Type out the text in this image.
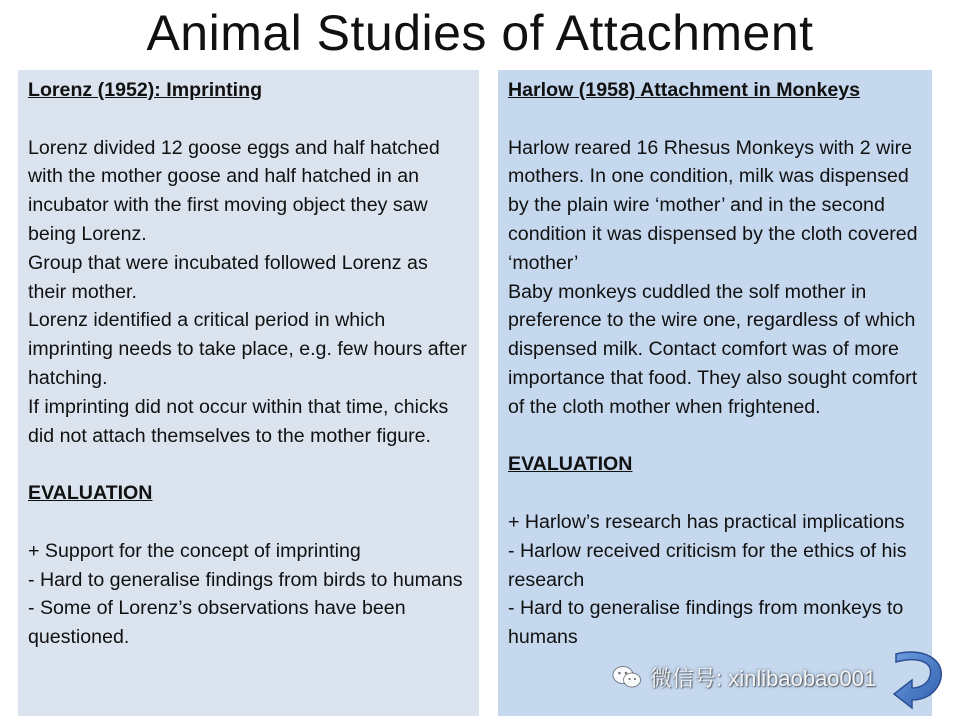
Animal Studies of Attachment

Lorenz (1952): Imprinting

Lorenz divided 12 goose eggs and half hatched with the mother goose and half hatched in an incubator with the first moving object they saw being Lorenz.

Group that were incubated followed Lorenz as their mother.

Lorenz identified a critical period in which imprinting needs to take place, e.g. few hours after hatching.

If imprinting did not occur within that time, chicks did not attach themselves to the mother figure.

EVALUATION

+ Support for the concept of imprinting

- Hard to generalise findings from birds to humans

- Some of Lorenz’s observations have been questioned.

Harlow (1958) Attachment in Monkeys

Harlow reared 16 Rhesus Monkeys with 2 wire mothers. In one condition, milk was dispensed by the plain wire ‘mother’ and in the second condition it was dispensed by the cloth covered ‘mother’

Baby monkeys cuddled the solf mother in preference to the wire one, regardless of which dispensed milk. Contact comfort was of more importance that food. They also sought comfort of the cloth mother when frightened.

EVALUATION

+ Harlow’s research has practical implications

- Harlow received criticism for the ethics of his research

- Hard to generalise findings from monkeys to humans

微信号: xinlibaobao001
